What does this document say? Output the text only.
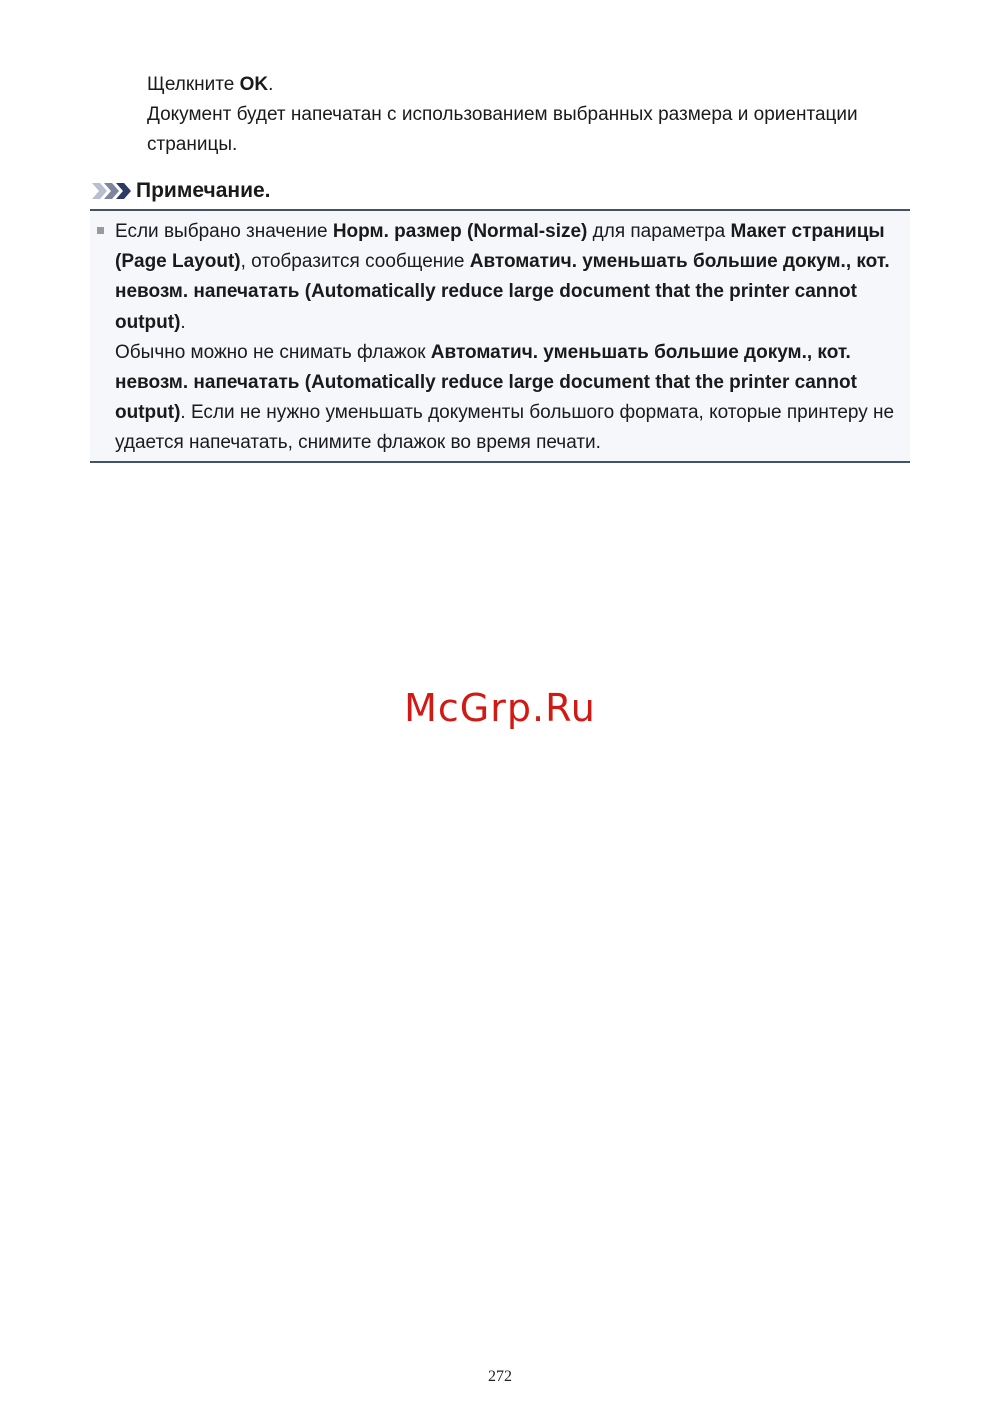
Щелкните OK.

Документ будет напечатан с использованием выбранных размера и ориентации страницы.

Примечание.

Если выбрано значение Норм. размер (Normal-size) для параметра Макет страницы (Page Layout), отобразится сообщение Автоматич. уменьшать большие докум., кот. невозм. напечатать (Automatically reduce large document that the printer cannot output).

Обычно можно не снимать флажок Автоматич. уменьшать большие докум., кот. невозм. напечатать (Automatically reduce large document that the printer cannot output). Если не нужно уменьшать документы большого формата, которые принтеру не удается напечатать, снимите флажок во время печати.

McGrp.Ru
272
